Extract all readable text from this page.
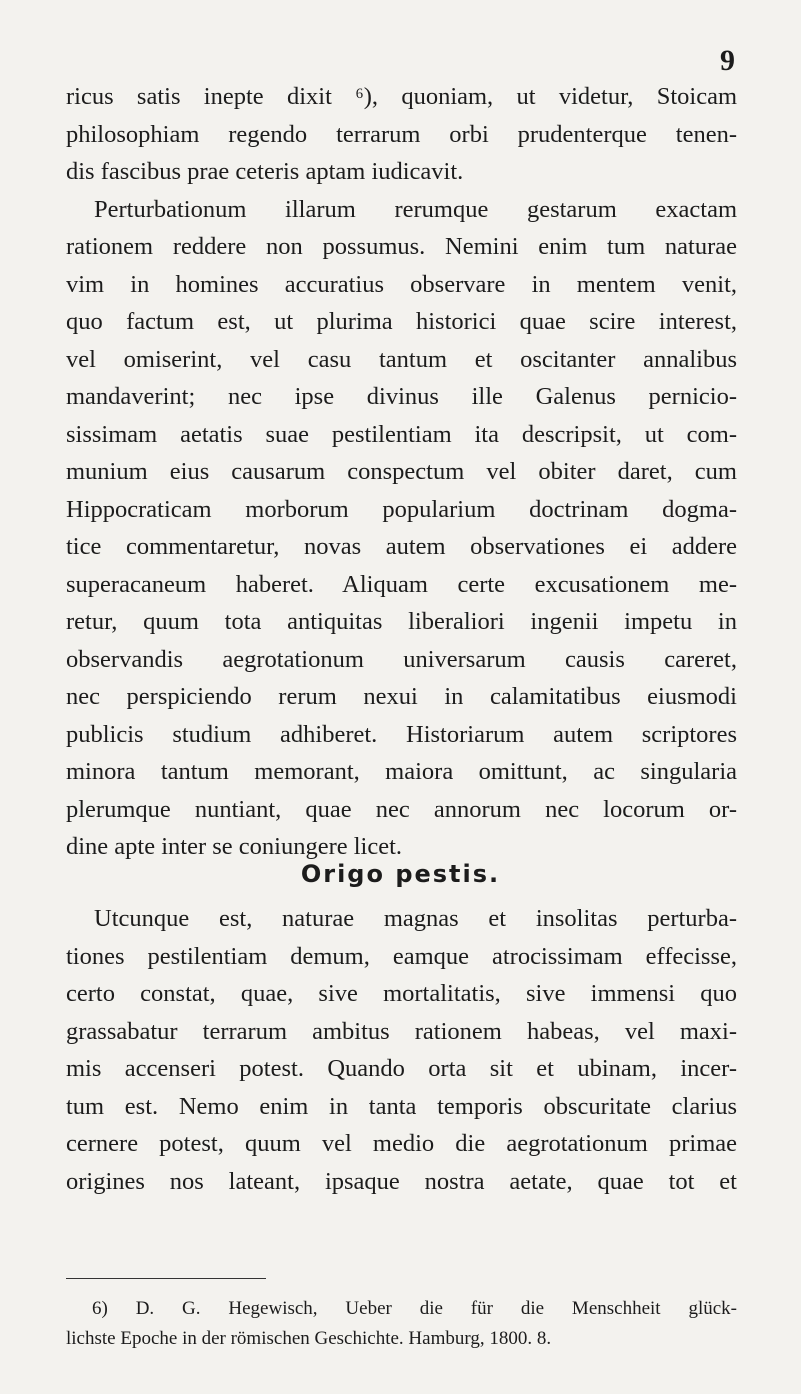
9
ricus satis inepte dixit ⁶), quoniam, ut videtur, Stoicam
philosophiam regendo terrarum orbi prudenterque tenen-
dis fascibus prae ceteris aptam iudicavit.
Perturbationum illarum rerumque gestarum exactam
rationem reddere non possumus. Nemini enim tum naturae
vim in homines accuratius observare in mentem venit,
quo factum est, ut plurima historici quae scire interest,
vel omiserint, vel casu tantum et oscitanter annalibus
mandaverint; nec ipse divinus ille Galenus pernicio-
sissimam aetatis suae pestilentiam ita descripsit, ut com-
munium eius causarum conspectum vel obiter daret, cum
Hippocraticam morborum popularium doctrinam dogma-
tice commentaretur, novas autem observationes ei addere
superacaneum haberet. Aliquam certe excusationem me-
retur, quum tota antiquitas liberaliori ingenii impetu in
observandis aegrotationum universarum causis careret,
nec perspiciendo rerum nexui in calamitatibus eiusmodi
publicis studium adhiberet. Historiarum autem scriptores
minora tantum memorant, maiora omittunt, ac singularia
plerumque nuntiant, quae nec annorum nec locorum or-
dine apte inter se coniungere licet.
Origo pestis.
Utcunque est, naturae magnas et insolitas perturba-
tiones pestilentiam demum, eamque atrocissimam effecisse,
certo constat, quae, sive mortalitatis, sive immensi quo
grassabatur terrarum ambitus rationem habeas, vel maxi-
mis accenseri potest. Quando orta sit et ubinam, incer-
tum est. Nemo enim in tanta temporis obscuritate clarius
cernere potest, quum vel medio die aegrotationum primae
origines nos lateant, ipsaque nostra aetate, quae tot et
6) D. G. Hegewisch, Ueber die für die Menschheit glück-
lichste Epoche in der römischen Geschichte. Hamburg, 1800. 8.
